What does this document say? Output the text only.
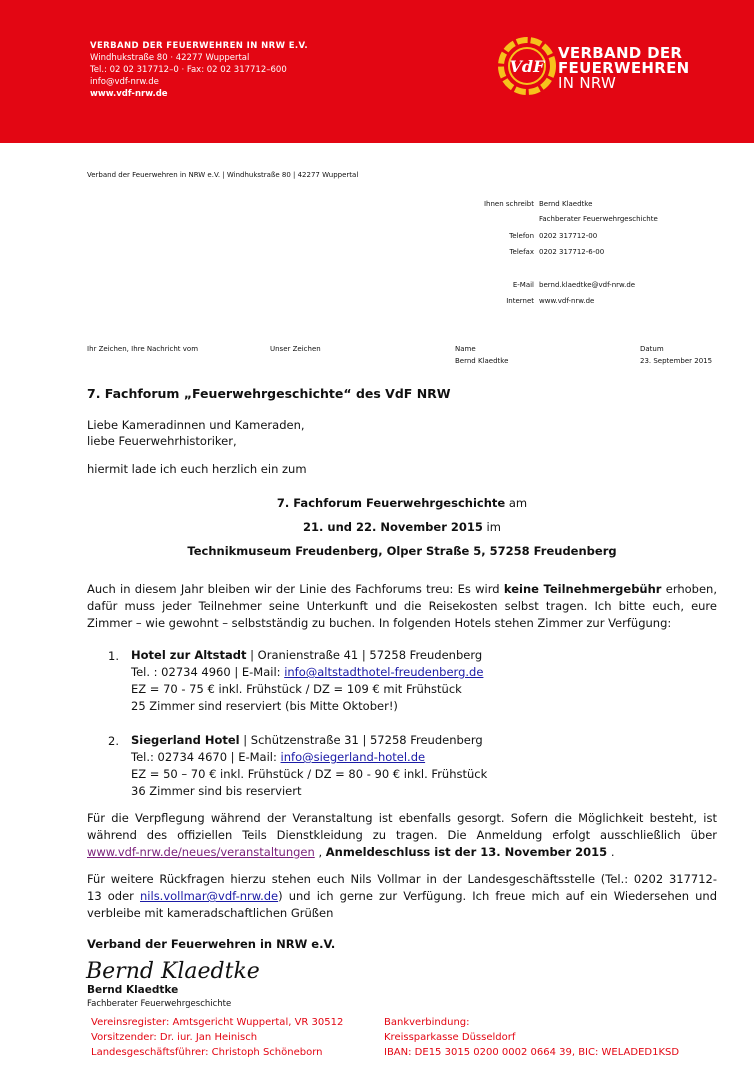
VERBAND DER FEUERWEHREN IN NRW E.V.
Windhukstraße 80 · 42277 Wuppertal
Tel.: 02 02 317712–0 · Fax: 02 02 317712–600
info@vdf-nrw.de
www.vdf-nrw.de
VdF
VERBAND DER
FEUERWEHREN
IN NRW
Verband der Feuerwehren in NRW e.V. | Windhukstraße 80 | 42277 Wuppertal
Ihnen schreibt Bernd Klaedtke
Fachberater Feuerwehrgeschichte
Telefon 0202 317712-00
Telefax 0202 317712-6-00
E-Mail bernd.klaedtke@vdf-nrw.de
Internet www.vdf-nrw.de
Ihr Zeichen, Ihre Nachricht vom	Unser Zeichen	Name
Bernd Klaedtke
Datum
23. September 2015
7. Fachforum „Feuerwehrgeschichte“ des VdF NRW
Liebe Kameradinnen und Kameraden,
liebe Feuerwehrhistoriker,
hiermit lade ich euch herzlich ein zum
7. Fachforum Feuerwehrgeschichte am
21. und 22. November 2015 im
Technikmuseum Freudenberg, Olper Straße 5, 57258 Freudenberg
Auch in diesem Jahr bleiben wir der Linie des Fachforums treu: Es wird keine Teilnehmergebühr erhoben,
dafür muss jeder Teilnehmer seine Unterkunft und die Reisekosten selbst tragen. Ich bitte euch, eure
Zimmer – wie gewohnt – selbstständig zu buchen. In folgenden Hotels stehen Zimmer zur Verfügung:
1. Hotel zur Altstadt | Oranienstraße 41 | 57258 Freudenberg
Tel. : 02734 4960 | E-Mail: info@altstadthotel-freudenberg.de
EZ = 70 - 75 € inkl. Frühstück / DZ = 109 € mit Frühstück
25 Zimmer sind reserviert (bis Mitte Oktober!)
2. Siegerland Hotel | Schützenstraße 31 | 57258 Freudenberg
Tel.: 02734 4670 | E-Mail: info@siegerland-hotel.de
EZ = 50 – 70 € inkl. Frühstück / DZ = 80 - 90 € inkl. Frühstück
36 Zimmer sind bis reserviert
Für die Verpflegung während der Veranstaltung ist ebenfalls gesorgt. Sofern die Möglichkeit besteht, ist
während des offiziellen Teils Dienstkleidung zu tragen. Die Anmeldung erfolgt ausschließlich über
www.vdf-nrw.de/neues/veranstaltungen , Anmeldeschluss ist der 13. November 2015 .
Für weitere Rückfragen hierzu stehen euch Nils Vollmar in der Landesgeschäftsstelle (Tel.: 0202 317712-
13 oder nils.vollmar@vdf-nrw.de) und ich gerne zur Verfügung. Ich freue mich auf ein Wiedersehen und
verbleibe mit kameradschaftlichen Grüßen
Verband der Feuerwehren in NRW e.V.
Bernd Klaedtke
Bernd Klaedtke
Fachberater Feuerwehrgeschichte
Vereinsregister: Amtsgericht Wuppertal, VR 30512
Vorsitzender: Dr. iur. Jan Heinisch
Landesgeschäftsführer: Christoph Schöneborn
Bankverbindung:
Kreissparkasse Düsseldorf
IBAN: DE15 3015 0200 0002 0664 39, BIC: WELADED1KSD
